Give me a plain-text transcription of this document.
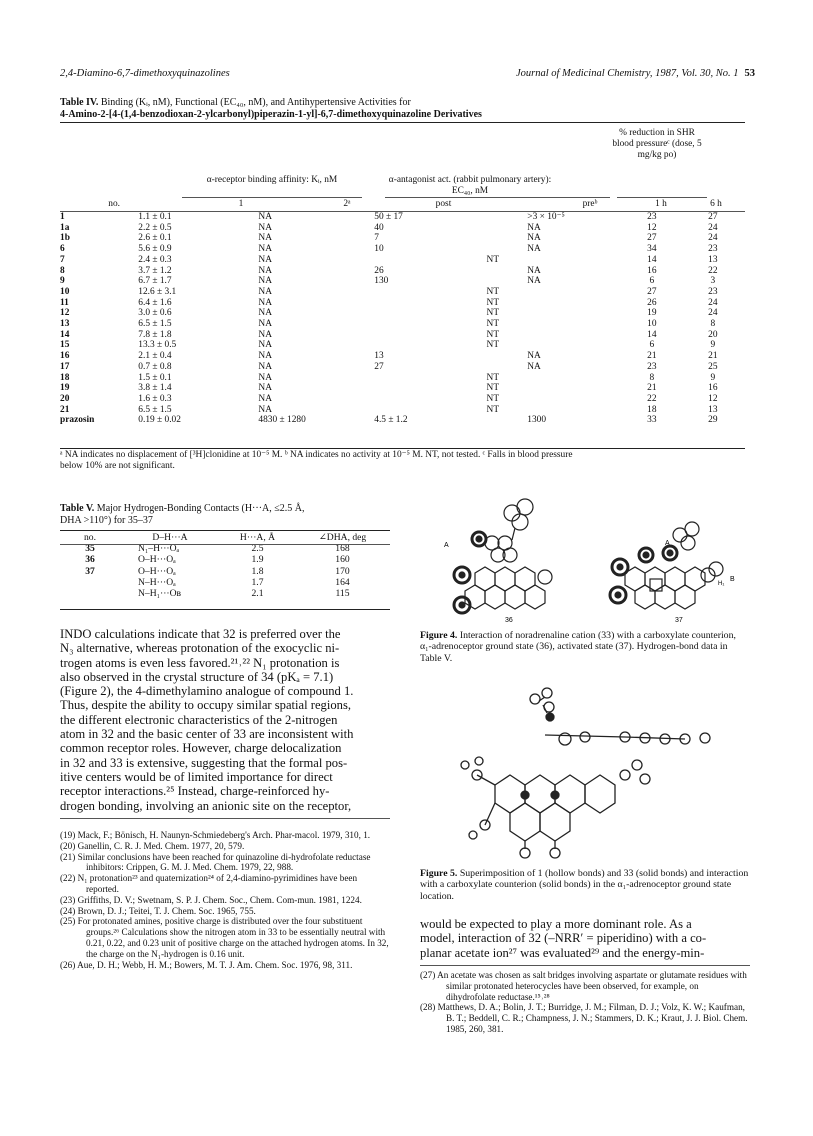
2,4-Diamino-6,7-dimethoxyquinazolines	Journal of Medicinal Chemistry, 1987, Vol. 30, No. 1 53
Table IV. Binding (Kᵢ, nM), Functional (EC₄₀, nM), and Antihypertensive Activities for
4-Amino-2-[4-(1,4-benzodioxan-2-ylcarbonyl)piperazin-1-yl]-6,7-dimethoxyquinazoline Derivatives
α-receptor binding affinity: Kᵢ, nM	α-antagonist act. (rabbit pulmonary artery): EC₄₀, nM
% reduction in SHR blood pressureᶜ (dose, 5 mg/kg po)
no.	1	2ᵃ	post		preᵇ	1 h	6 h
1	1.1 ± 0.1	NA	50 ± 17		>3 × 10⁻⁵	23	27
1a	2.2 ± 0.5	NA	40		NA	12	24
1b	2.6 ± 0.1	NA	7		NA	27	24
6	5.6 ± 0.9	NA	10		NA	34	23
7	2.4 ± 0.3	NA		NT		14	13
8	3.7 ± 1.2	NA	26		NA	16	22
9	6.7 ± 1.7	NA	130		NA	6	3
10	12.6 ± 3.1	NA		NT		27	23
11	6.4 ± 1.6	NA		NT		26	24
12	3.0 ± 0.6	NA		NT		19	24
13	6.5 ± 1.5	NA		NT		10	8
14	7.8 ± 1.8	NA		NT		14	20
15	13.3 ± 0.5	NA		NT		6	9
16	2.1 ± 0.4	NA	13		NA	21	21
17	0.7 ± 0.8	NA	27		NA	23	25
18	1.5 ± 0.1	NA		NT		8	9
19	3.8 ± 1.4	NA		NT		21	16
20	1.6 ± 0.3	NA		NT		22	12
21	6.5 ± 1.5	NA		NT		18	13
prazosin	0.19 ± 0.02	4830 ± 1280	4.5 ± 1.2		1300	33	29
ᵃ NA indicates no displacement of [³H]clonidine at 10⁻⁵ M. ᵇ NA indicates no activity at 10⁻⁵ M. NT, not tested. ᶜ Falls in blood pressure
below 10% are not significant.
Table V. Major Hydrogen-Bonding Contacts (H···A, ≤2.5 Å,
DHA >110°) for 35–37
no.	D–H···A	H···A, Å	∠DHA, deg
35	N₁–H···Oₐ	2.5	168
36	O–H···Oₐ	1.9	160
37	O–H···Oₐ	1.8	170
	N–H···Oₐ	1.7	164
	N–H₁···Oʙ	2.1	115
INDO calculations indicate that 32 is preferred over the
N₃ alternative, whereas protonation of the exocyclic ni-
trogen atoms is even less favored.²¹˒²² N₁ protonation is
also observed in the crystal structure of 34 (pKₐ = 7.1)
(Figure 2), the 4-dimethylamino analogue of compound 1.
Thus, despite the ability to occupy similar spatial regions,
the different electronic characteristics of the 2-nitrogen
atom in 32 and the basic center of 33 are inconsistent with
common receptor roles. However, charge delocalization
in 32 and 33 is extensive, suggesting that the formal pos-
itive centers would be of limited importance for direct
receptor interactions.²⁵ Instead, charge-reinforced hy-
drogen bonding, involving an anionic site on the receptor,
(19) Mack, F.; Bönisch, H. Naunyn-Schmiedeberg's Arch. Phar-macol. 1979, 310, 1.
(20) Ganellin, C. R. J. Med. Chem. 1977, 20, 579.
(21) Similar conclusions have been reached for quinazoline di-hydrofolate reductase inhibitors: Crippen, G. M. J. Med. Chem. 1979, 22, 988.
(22) N₁ protonation²³ and quaternization²⁴ of 2,4-diamino-pyrimidines have been reported.
(23) Griffiths, D. V.; Swetnam, S. P. J. Chem. Soc., Chem. Com-mun. 1981, 1224.
(24) Brown, D. J.; Teitei, T. J. Chem. Soc. 1965, 755.
(25) For protonated amines, positive charge is distributed over the four substituent groups.²⁶ Calculations show the nitrogen atom in 33 to be essentially neutral with 0.21, 0.22, and 0.23 unit of positive charge on the attached hydrogen atoms. In 32, the charge on the N₁-hydrogen is 0.16 unit.
(26) Aue, D. H.; Webb, H. M.; Bowers, M. T. J. Am. Chem. Soc. 1976, 98, 311.
A	A
B
H₁
36	37
Figure 4. Interaction of noradrenaline cation (33) with a carboxylate counterion, α₁-adrenoceptor ground state (36), activated state (37). Hydrogen-bond data in Table V.
Figure 5. Superimposition of 1 (hollow bonds) and 33 (solid bonds) and interaction with a carboxylate counterion (solid bonds) in the α₁-adrenoceptor ground state location.
would be expected to play a more dominant role. As a
model, interaction of 32 (–NRR′ = piperidino) with a co-
planar acetate ion²⁷ was evaluated²⁹ and the energy-min-
(27) An acetate was chosen as salt bridges involving aspartate or glutamate residues with similar protonated heterocycles have been observed, for example, on dihydrofolate reductase.¹⁵˒²⁸
(28) Matthews, D. A.; Bolin, J. T.; Burridge, J. M.; Filman, D. J.; Volz, K. W.; Kaufman, B. T.; Beddell, C. R.; Champness, J. N.; Stammers, D. K.; Kraut, J. J. Biol. Chem. 1985, 260, 381.
